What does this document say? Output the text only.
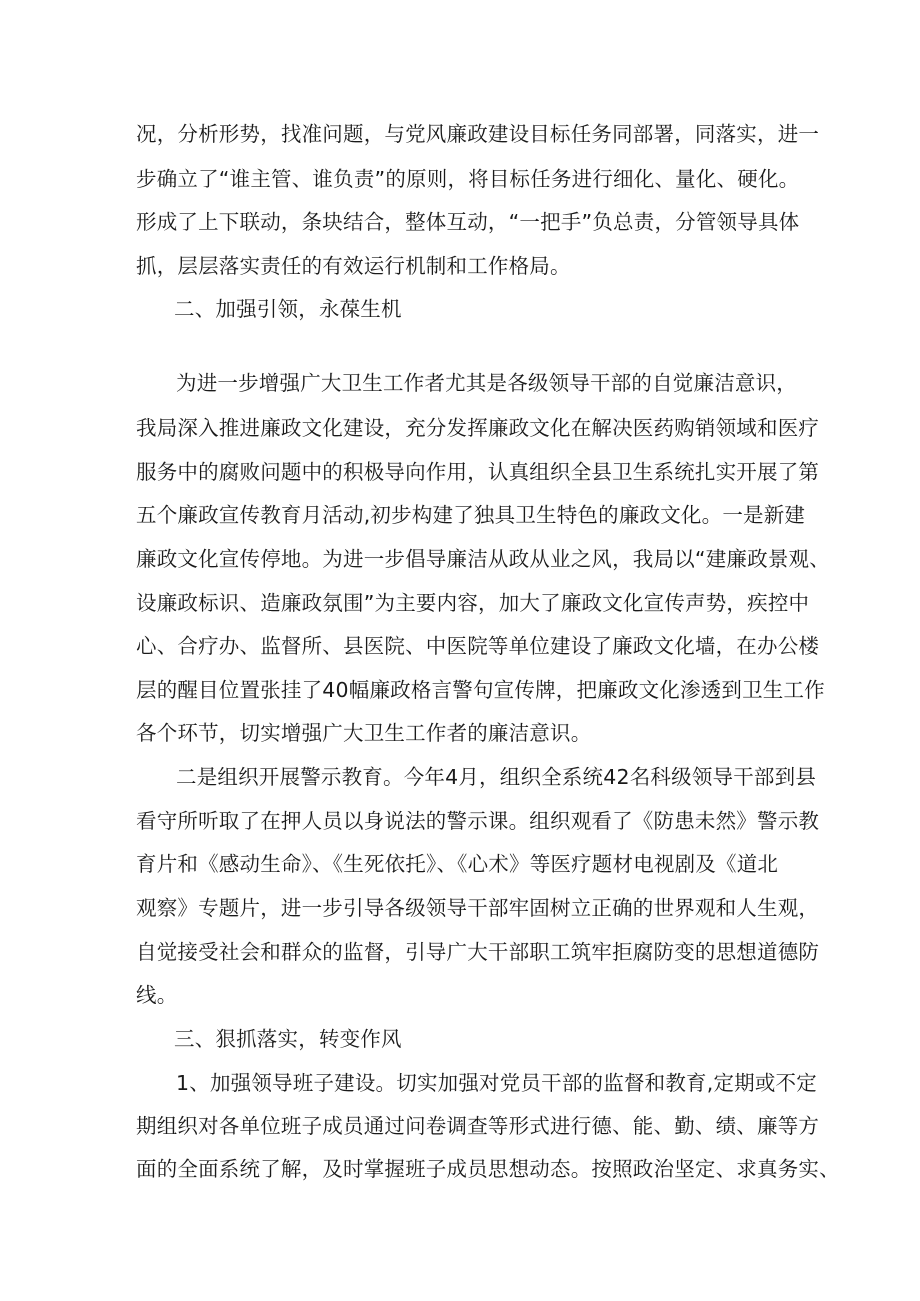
况，分析形势，找准问题，与党风廉政建设目标任务同部署，同落实，进一
步确立了“谁主管、谁负责”的原则，将目标任务进行细化、量化、硬化。
形成了上下联动，条块结合，整体互动，“一把手”负总责，分管领导具体
抓，层层落实责任的有效运行机制和工作格局。
二、加强引领，永葆生机
为进一步增强广大卫生工作者尤其是各级领导干部的自觉廉洁意识，
我局深入推进廉政文化建设，充分发挥廉政文化在解决医药购销领域和医疗
服务中的腐败问题中的积极导向作用，认真组织全县卫生系统扎实开展了第
五个廉政宣传教育月活动,初步构建了独具卫生特色的廉政文化。一是新建
廉政文化宣传停地。为进一步倡导廉洁从政从业之风，我局以“建廉政景观、
设廉政标识、造廉政氛围”为主要内容，加大了廉政文化宣传声势，疾控中
心、合疗办、监督所、县医院、中医院等单位建设了廉政文化墙，在办公楼
层的醒目位置张挂了40幅廉政格言警句宣传牌，把廉政文化渗透到卫生工作
各个环节，切实增强广大卫生工作者的廉洁意识。
二是组织开展警示教育。今年4月，组织全系统42名科级领导干部到县
看守所听取了在押人员以身说法的警示课。组织观看了《防患未然》警示教
育片和《感动生命》、《生死依托》、《心术》等医疗题材电视剧及《道北
观察》专题片，进一步引导各级领导干部牢固树立正确的世界观和人生观，
自觉接受社会和群众的监督，引导广大干部职工筑牢拒腐防变的思想道德防
线。
三、狠抓落实，转变作风
1、加强领导班子建设。切实加强对党员干部的监督和教育,定期或不定
期组织对各单位班子成员通过问卷调查等形式进行德、能、勤、绩、廉等方
面的全面系统了解，及时掌握班子成员思想动态。按照政治坚定、求真务实、
